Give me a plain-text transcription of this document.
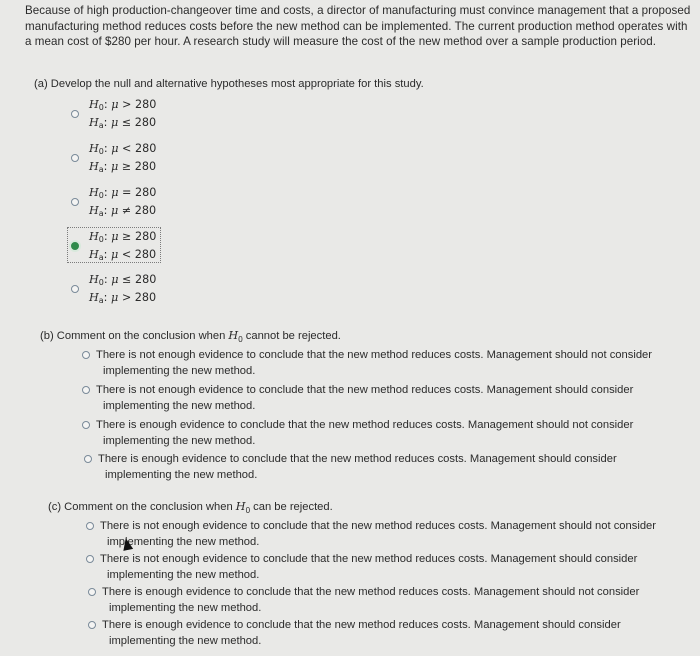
Because of high production-changeover time and costs, a director of manufacturing must convince management that a proposed manufacturing method reduces costs before the new method can be implemented. The current production method operates with a mean cost of $280 per hour. A research study will measure the cost of the new method over a sample production period.
(a) Develop the null and alternative hypotheses most appropriate for this study.
$H_0$: μ > 280
$H_a$: μ ≤ 280
$H_0$: μ < 280
$H_a$: μ ≥ 280
$H_0$: μ = 280
$H_a$: μ ≠ 280
$H_0$: μ ≥ 280
$H_a$: μ < 280
$H_0$: μ ≤ 280
$H_a$: μ > 280
(b) Comment on the conclusion when $H_0$ cannot be rejected.
There is not enough evidence to conclude that the new method reduces costs. Management should not consider
implementing the new method.
There is not enough evidence to conclude that the new method reduces costs. Management should consider
implementing the new method.
There is enough evidence to conclude that the new method reduces costs. Management should not consider
implementing the new method.
There is enough evidence to conclude that the new method reduces costs. Management should consider
implementing the new method.
(c) Comment on the conclusion when $H_0$ can be rejected.
There is not enough evidence to conclude that the new method reduces costs. Management should not consider
implementing the new method.
There is not enough evidence to conclude that the new method reduces costs. Management should consider
implementing the new method.
There is enough evidence to conclude that the new method reduces costs. Management should not consider
implementing the new method.
There is enough evidence to conclude that the new method reduces costs. Management should consider
implementing the new method.
